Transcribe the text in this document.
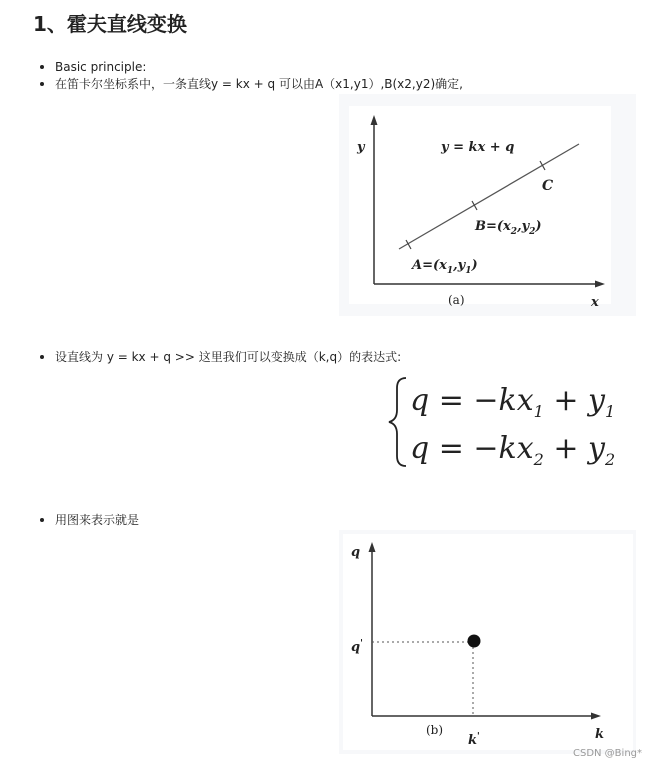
1、霍夫直线变换
Basic principle:
在笛卡尔坐标系中，一条直线y = kx + q 可以由A（x1,y1）,B(x2,y2)确定,
y
x
y = kx + q
C
$B=(x_2,y_2)$
$A=(x_1,y_1)$
(a)
设直线为 y = kx + q >> 这里我们可以变换成（k,q）的表达式:
$q = -kx_1 + y_1$
$q = -kx_2 + y_2$
用图来表示就是
q
k
q'
k'
(b)
CSDN @Bing*
